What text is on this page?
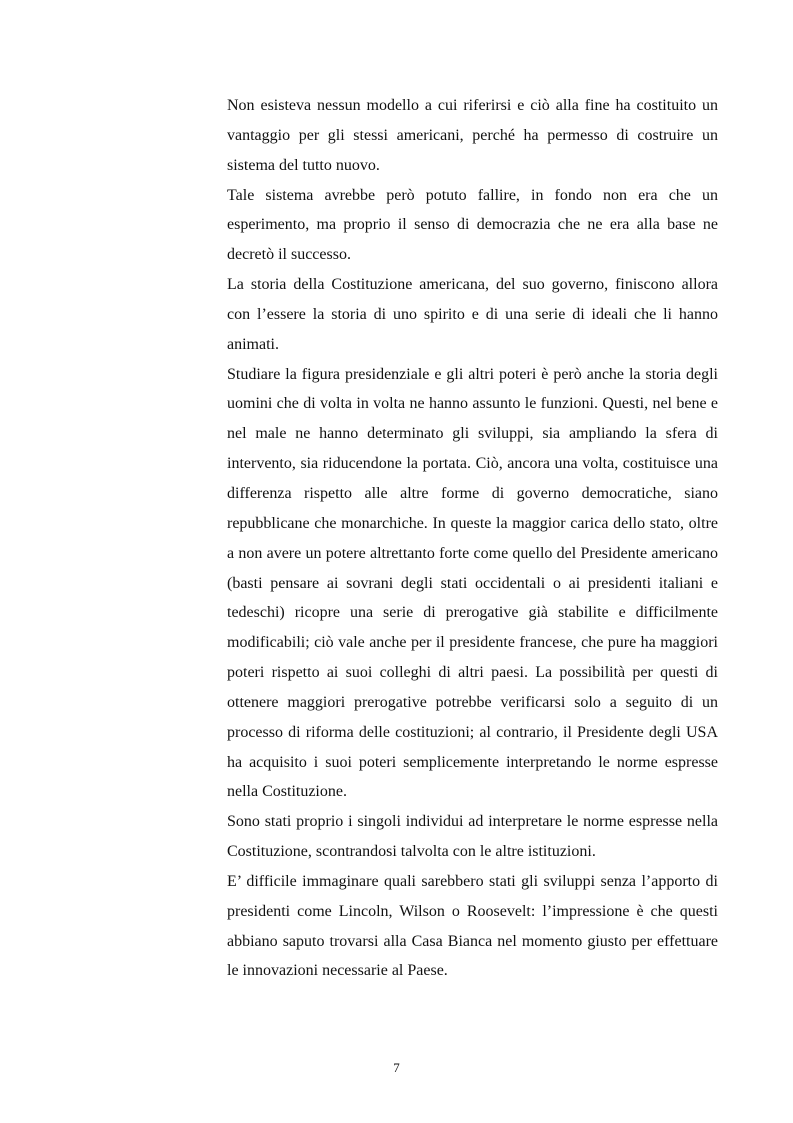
Non esisteva nessun modello a cui riferirsi e ciò alla fine ha costituito un vantaggio per gli stessi americani, perché ha permesso di costruire un sistema del tutto nuovo.

Tale sistema avrebbe però potuto fallire, in fondo non era che un esperimento, ma proprio il senso di democrazia che ne era alla base ne decretò il successo.

La storia della Costituzione americana, del suo governo, finiscono allora con l’essere la storia di uno spirito e di una serie di ideali che li hanno animati.

Studiare la figura presidenziale e gli altri poteri è però anche la storia degli uomini che di volta in volta ne hanno assunto le funzioni. Questi, nel bene e nel male ne hanno determinato gli sviluppi, sia ampliando la sfera di intervento, sia riducendone la portata. Ciò, ancora una volta, costituisce una differenza rispetto alle altre forme di governo democratiche, siano repubblicane che monarchiche. In queste la maggior carica dello stato, oltre a non avere un potere altrettanto forte come quello del Presidente americano (basti pensare ai sovrani degli stati occidentali o ai presidenti italiani e tedeschi) ricopre una serie di prerogative già stabilite e difficilmente modificabili; ciò vale anche per il presidente francese, che pure ha maggiori poteri rispetto ai suoi colleghi di altri paesi. La possibilità per questi di ottenere maggiori prerogative potrebbe verificarsi solo a seguito di un processo di riforma delle costituzioni; al contrario, il Presidente degli USA ha acquisito i suoi poteri semplicemente interpretando le norme espresse nella Costituzione.

Sono stati proprio i singoli individui ad interpretare le norme espresse nella Costituzione, scontrandosi talvolta con le altre istituzioni.

E’ difficile immaginare quali sarebbero stati gli sviluppi senza l’apporto di presidenti come Lincoln, Wilson o Roosevelt: l’impressione è che questi abbiano saputo trovarsi alla Casa Bianca nel momento giusto per effettuare le innovazioni necessarie al Paese.

7
